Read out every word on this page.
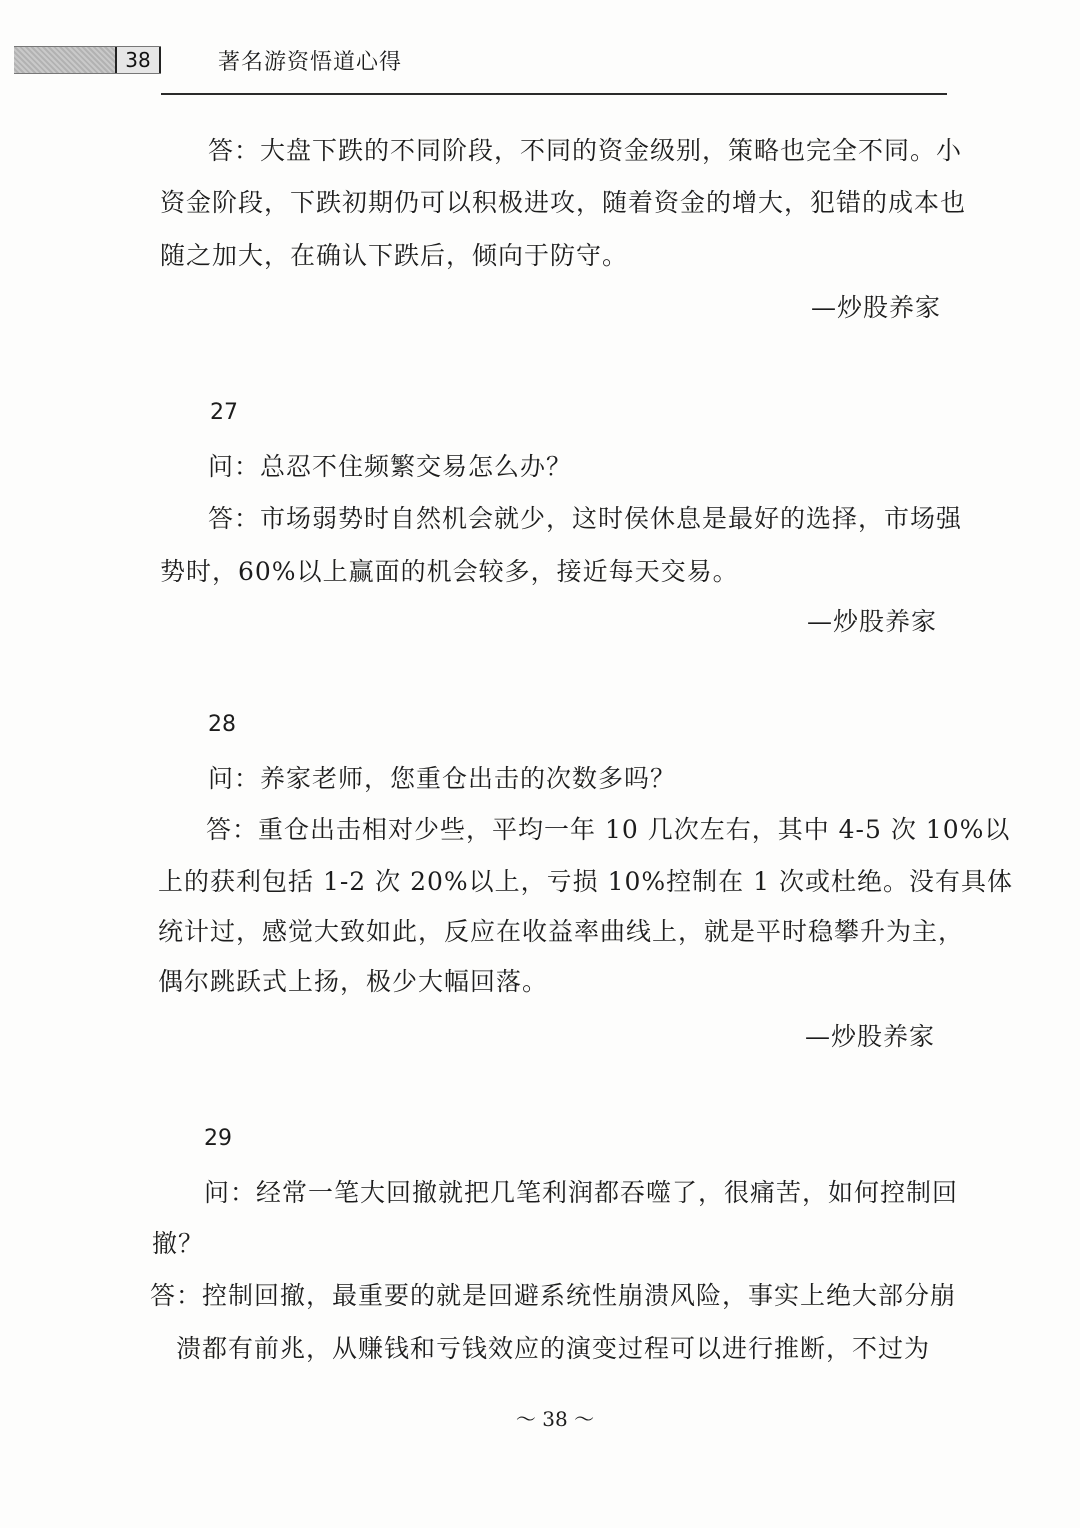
38	著名游资悟道心得
答：大盘下跌的不同阶段，不同的资金级别，策略也完全不同。小
资金阶段，下跌初期仍可以积极进攻，随着资金的增大，犯错的成本也
随之加大，在确认下跌后，倾向于防守。
—炒股养家
27
问：总忍不住频繁交易怎么办？
答：市场弱势时自然机会就少，这时侯休息是最好的选择，市场强
势时，60%以上赢面的机会较多，接近每天交易。
—炒股养家
28
问：养家老师，您重仓出击的次数多吗？
答：重仓出击相对少些，平均一年 10 几次左右，其中 4-5 次 10%以
上的获利包括 1-2 次 20%以上，亏损 10%控制在 1 次或杜绝。没有具体
统计过，感觉大致如此，反应在收益率曲线上，就是平时稳攀升为主，
偶尔跳跃式上扬，极少大幅回落。
—炒股养家
29
问：经常一笔大回撤就把几笔利润都吞噬了，很痛苦，如何控制回
撤？
答：控制回撤，最重要的就是回避系统性崩溃风险，事实上绝大部分崩
溃都有前兆，从赚钱和亏钱效应的演变过程可以进行推断，不过为
～ 38 ～
